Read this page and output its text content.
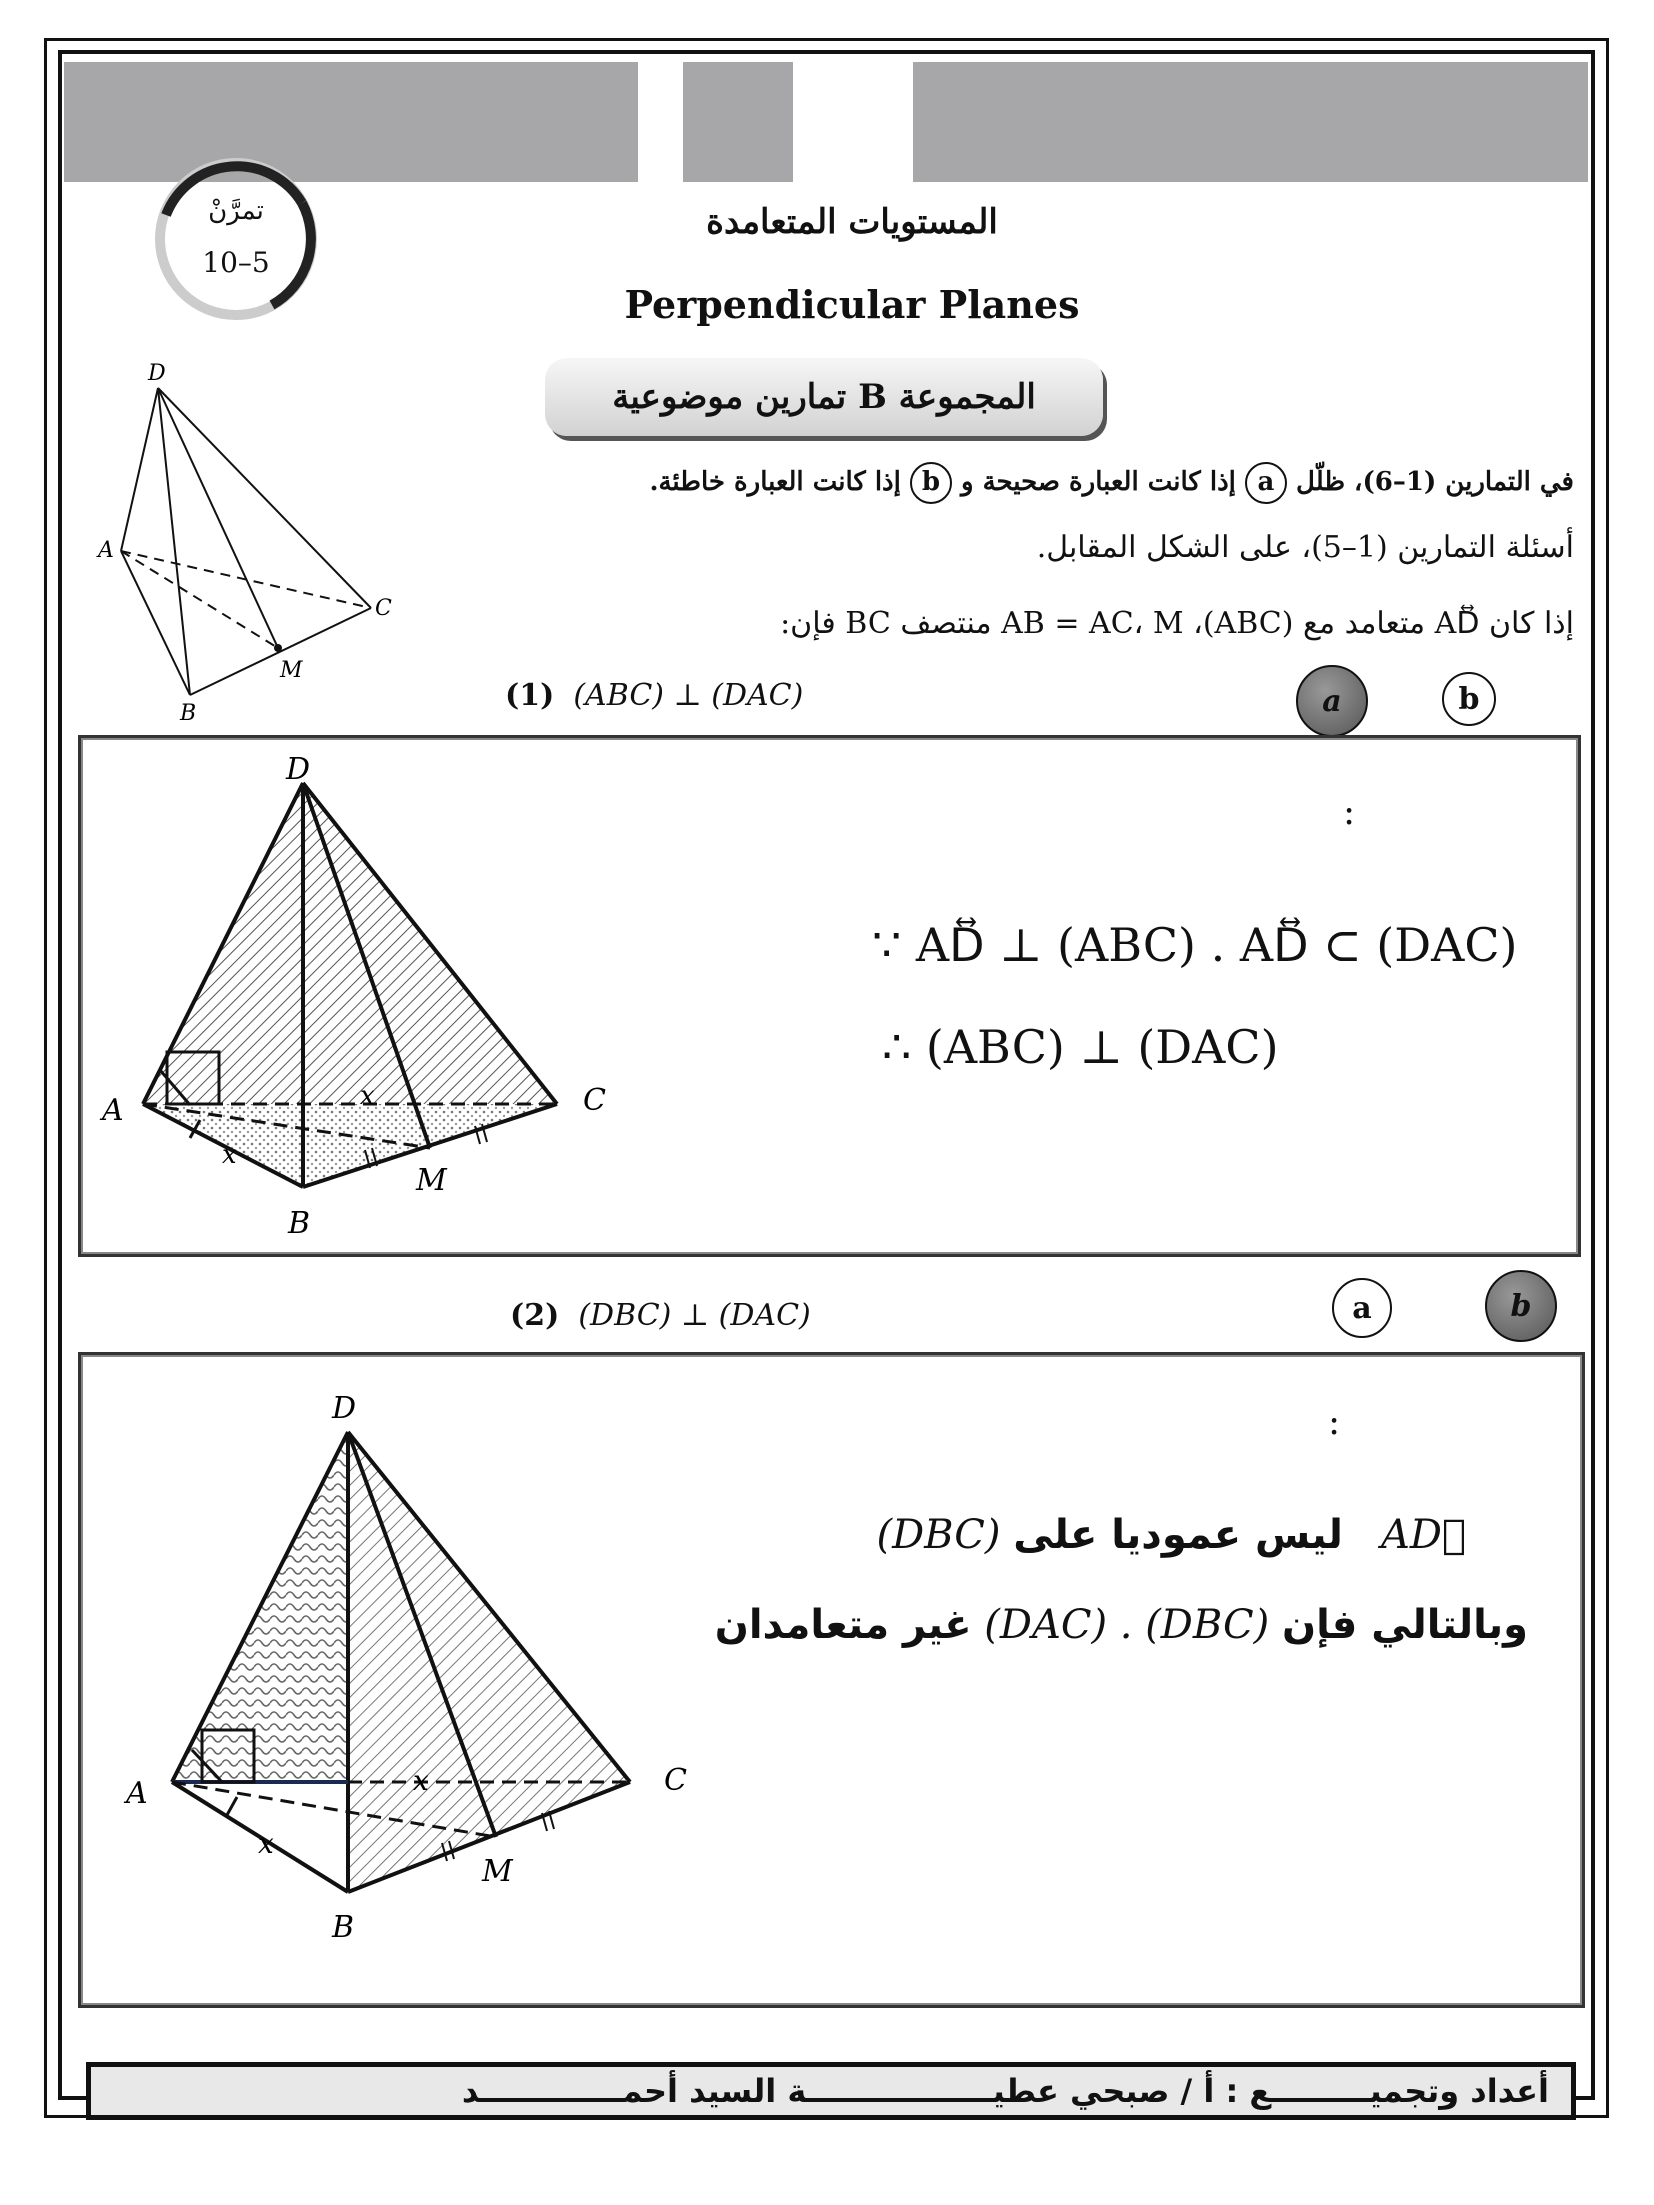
تمرَّنْ
10–5
المستويات المتعامدة
Perpendicular Planes
المجموعة B تمارين موضوعية
في التمارين (1–6)، ظلّل a إذا كانت العبارة صحيحة و b إذا كانت العبارة خاطئة.
أسئلة التمارين (1–5)، على الشكل المقابل.
إذا كان AD⃡ متعامد مع (ABC)، AB = AC، M منتصف BC فإن:
D
A
C
M
B
(1) (ABC) ⊥ (DAC)	a	b
D
A	C
x
x
M
B
:
∵ AD⃡ ⊥ (ABC) . AD⃡ ⊂ (DAC)
∴ (ABC) ⊥ (DAC)
(2) (DBC) ⊥ (DAC)	a	b
D
A	C
x
x
M
B
:
AD⃡   ليس عموديا على (DBC)
وبالتالي فإن (DAC) . (DBC) غير متعامدان
أعداد وتجميـــــــــع : أ / صبحي عطيـــــــــــــــــة السيد أحمـــــــــــــد
